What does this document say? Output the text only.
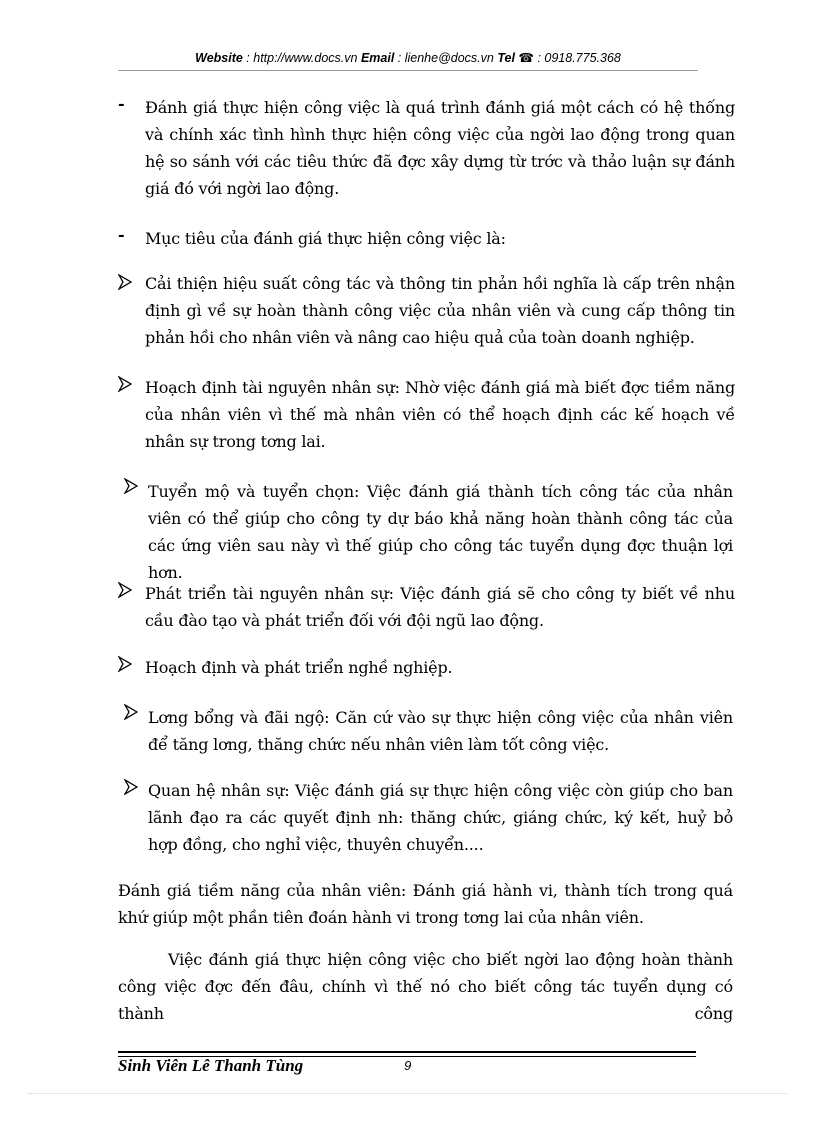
Website : http://www.docs.vn Email : lienhe@docs.vn Tel ☎ : 0918.775.368
- Đánh giá thực hiện công việc là quá trình đánh giá một cách có hệ thống và chính xác tình hình thực hiện công việc của ngời lao động trong quan hệ so sánh với các tiêu thức đã đợc xây dựng từ trớc và thảo luận sự đánh giá đó với ngời lao động.
- Mục tiêu của đánh giá thực hiện công việc là:
Cải thiện hiệu suất công tác và thông tin phản hồi nghĩa là cấp trên nhận định gì về sự hoàn thành công việc của nhân viên và cung cấp thông tin phản hồi cho nhân viên và nâng cao hiệu quả của toàn doanh nghiệp.
Hoạch định tài nguyên nhân sự: Nhờ việc đánh giá mà biết đợc tiềm năng của nhân viên vì thế mà nhân viên có thể hoạch định các kế hoạch về nhân sự trong tơng lai.
Tuyển mộ và tuyển chọn: Việc đánh giá thành tích công tác của nhân viên có thể giúp cho công ty dự báo khả năng hoàn thành công tác của các ứng viên sau này vì thế giúp cho công tác tuyển dụng đợc thuận lợi hơn.
Phát triển tài nguyên nhân sự: Việc đánh giá sẽ cho công ty biết về nhu cầu đào tạo và phát triển đối với đội ngũ lao động.
Hoạch định và phát triển nghề nghiệp.
Lơng bổng và đãi ngộ: Căn cứ vào sự thực hiện công việc của nhân viên để tăng lơng, thăng chức nếu nhân viên làm tốt công việc.
Quan hệ nhân sự: Việc đánh giá sự thực hiện công việc còn giúp cho ban lãnh đạo ra các quyết định nh: thăng chức, giáng chức, ký kết, huỷ bỏ hợp đồng, cho nghỉ việc, thuyên chuyển....
Đánh giá tiềm năng của nhân viên: Đánh giá hành vi, thành tích trong quá khứ giúp một phần tiên đoán hành vi trong tơng lai của nhân viên.
Việc đánh giá thực hiện công việc cho biết ngời lao động hoàn thành công việc đợc đến đâu, chính vì thế nó cho biết công tác tuyển dụng có thành công
Sinh Viên Lê Thanh Tùng	9
